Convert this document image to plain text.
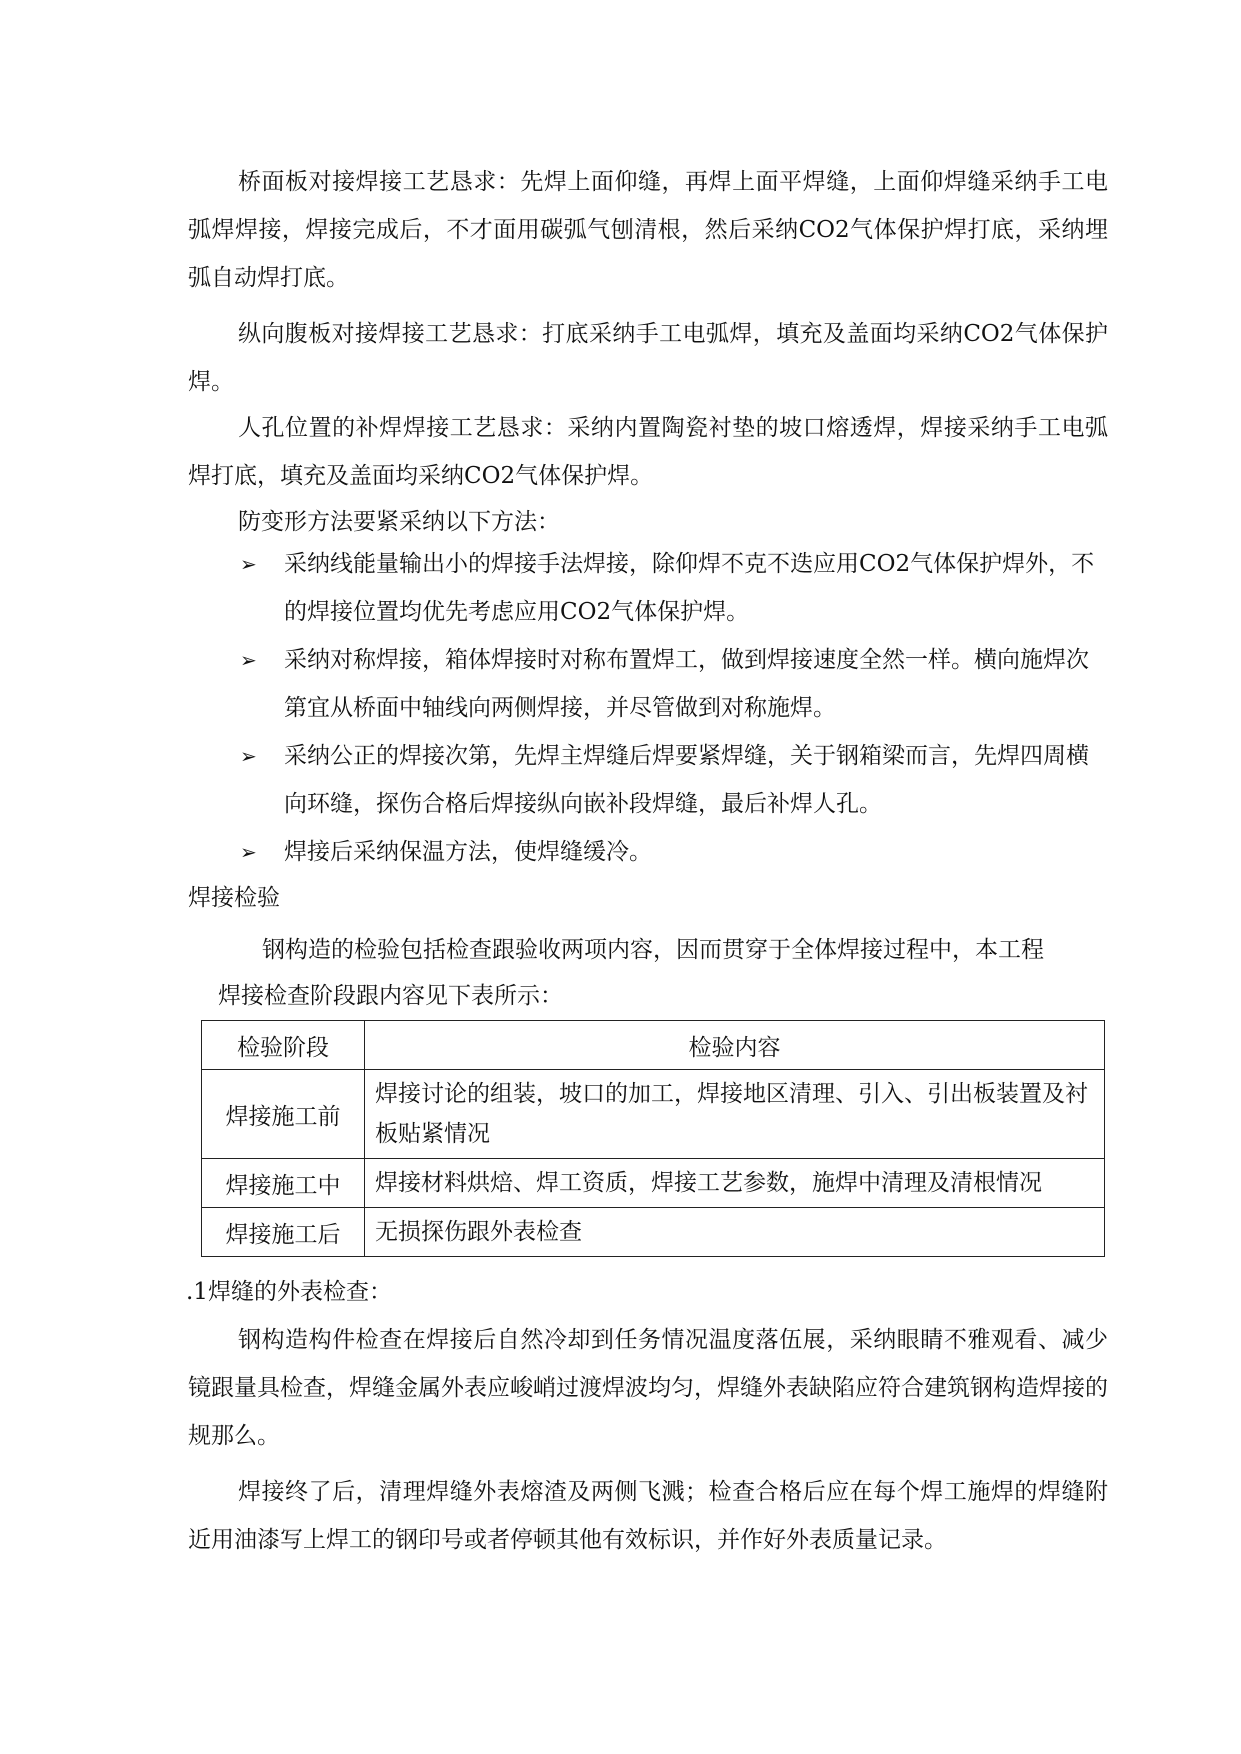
桥面板对接焊接工艺恳求：先焊上面仰缝，再焊上面平焊缝，上面仰焊缝采纳手工电弧焊焊接，焊接完成后，不才面用碳弧气刨清根，然后采纳CO2气体保护焊打底，采纳埋弧自动焊打底。

纵向腹板对接焊接工艺恳求：打底采纳手工电弧焊，填充及盖面均采纳CO2气体保护焊。

人孔位置的补焊焊接工艺恳求：采纳内置陶瓷衬垫的坡口熔透焊，焊接采纳手工电弧焊打底，填充及盖面均采纳CO2气体保护焊。

防变形方法要紧采纳以下方法：

➢ 采纳线能量输出小的焊接手法焊接，除仰焊不克不迭应用CO2气体保护焊外，不的焊接位置均优先考虑应用CO2气体保护焊。
➢ 采纳对称焊接，箱体焊接时对称布置焊工，做到焊接速度全然一样。横向施焊次第宜从桥面中轴线向两侧焊接，并尽管做到对称施焊。
➢ 采纳公正的焊接次第，先焊主焊缝后焊要紧焊缝，关于钢箱梁而言，先焊四周横向环缝，探伤合格后焊接纵向嵌补段焊缝，最后补焊人孔。
➢ 焊接后采纳保温方法，使焊缝缓冷。

焊接检验

钢构造的检验包括检查跟验收两项内容，因而贯穿于全体焊接过程中，本工程

焊接检查阶段跟内容见下表所示：

检验阶段	检验内容
焊接施工前	焊接讨论的组装，坡口的加工，焊接地区清理、引入、引出板装置及衬板贴紧情况
焊接施工中	焊接材料烘焙、焊工资质，焊接工艺参数，施焊中清理及清根情况
焊接施工后	无损探伤跟外表检查

.1焊缝的外表检查：

钢构造构件检查在焊接后自然冷却到任务情况温度落伍展，采纳眼睛不雅观看、减少镜跟量具检查，焊缝金属外表应峻峭过渡焊波均匀，焊缝外表缺陷应符合建筑钢构造焊接的规那么。

焊接终了后，清理焊缝外表熔渣及两侧飞溅；检查合格后应在每个焊工施焊的焊缝附近用油漆写上焊工的钢印号或者停顿其他有效标识，并作好外表质量记录。
